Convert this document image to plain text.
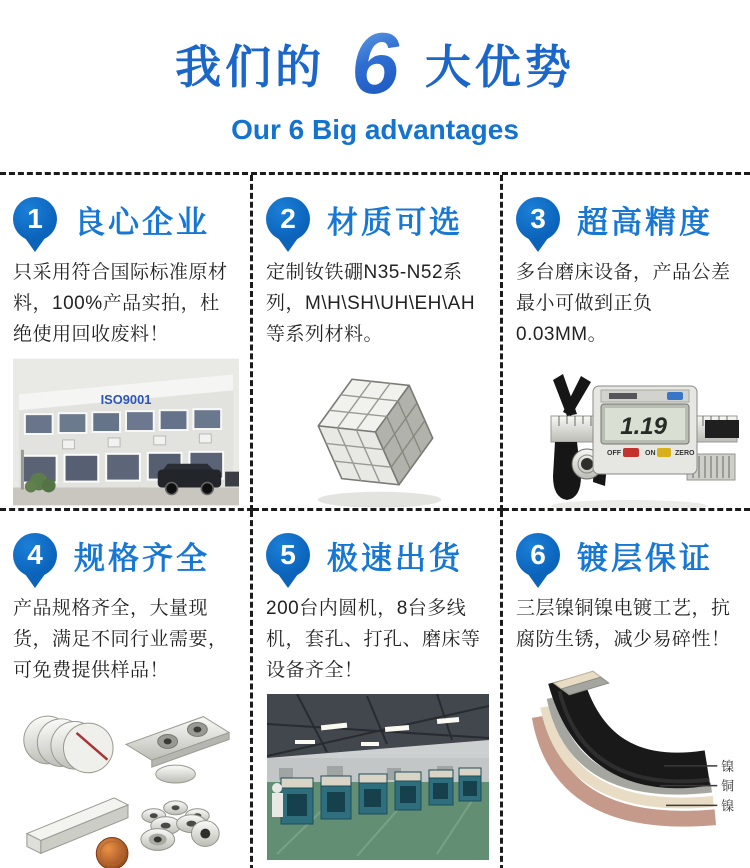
我们的 6 大优势
Our 6 Big advantages
1	良心企业
只采用符合国际标准原材料，100%产品实拍，杜绝使用回收废料！
ISO9001
2	材质可选
定制钕铁硼N35-N52系列，M\H\SH\UH\EH\AH等系列材料。
3	超高精度
多台磨床设备，产品公差最小可做到正负0.03MM。
1.19
OFF	ON	ZERO
4	规格齐全
产品规格齐全，大量现货，满足不同行业需要，可免费提供样品！
5	极速出货
200台内圆机，8台多线机，套孔、打孔、磨床等设备齐全！
6	镀层保证
三层镍铜镍电镀工艺，抗腐防生锈，减少易碎性！
镍
铜
镍
